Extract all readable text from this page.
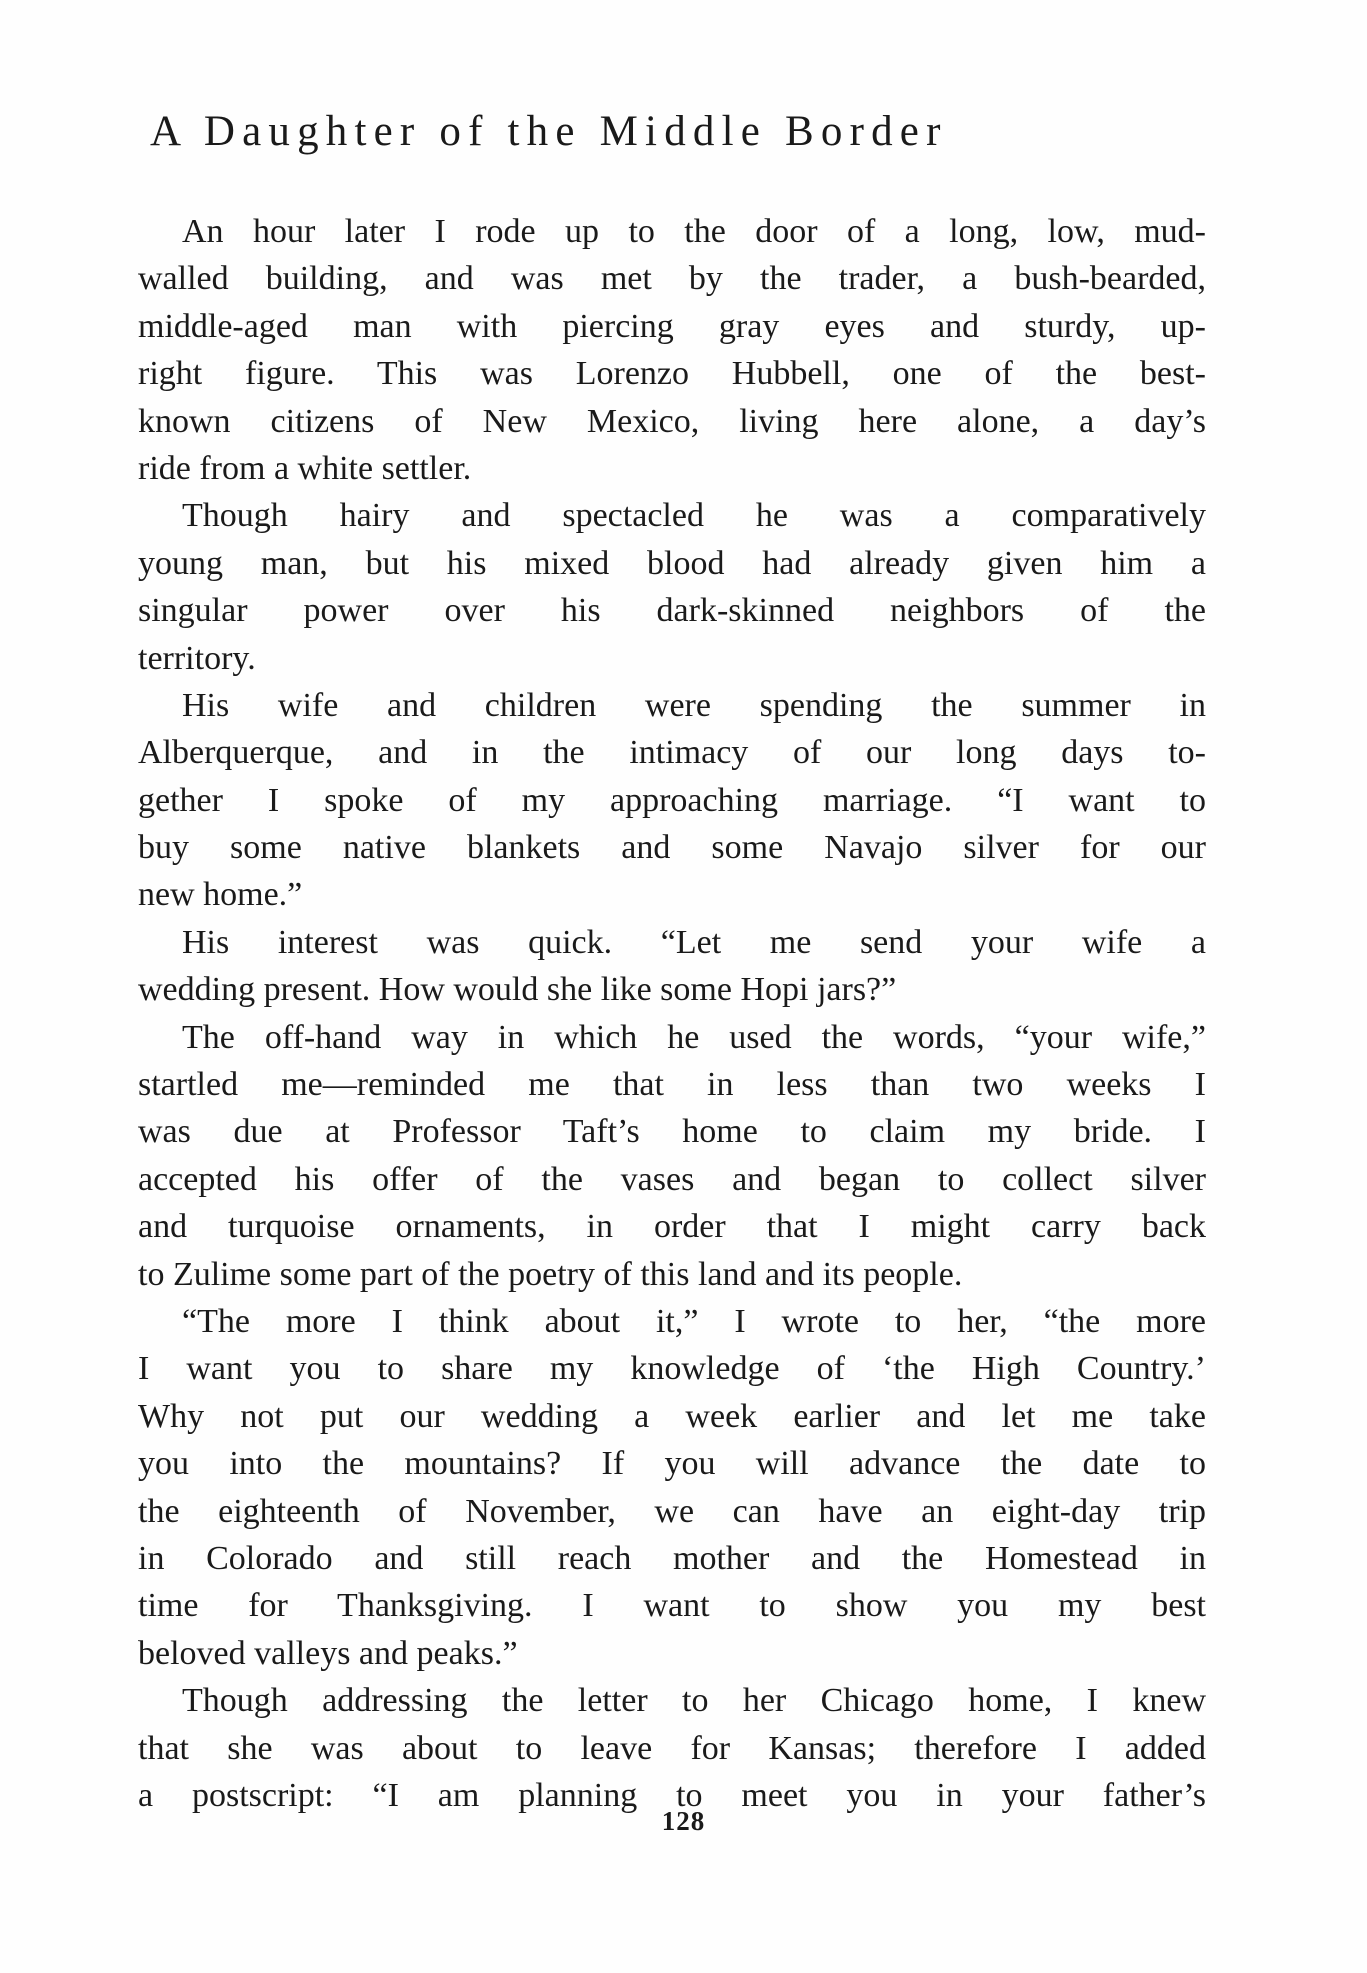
A Daughter of the Middle Border
An hour later I rode up to the door of a long, low, mud-
walled building, and was met by the trader, a bush-bearded,
middle-aged man with piercing gray eyes and sturdy, up-
right figure. This was Lorenzo Hubbell, one of the best-
known citizens of New Mexico, living here alone, a day’s
ride from a white settler.
Though hairy and spectacled he was a comparatively
young man, but his mixed blood had already given him a
singular power over his dark-skinned neighbors of the
territory.
His wife and children were spending the summer in
Alberquerque, and in the intimacy of our long days to-
gether I spoke of my approaching marriage. “I want to
buy some native blankets and some Navajo silver for our
new home.”
His interest was quick. “Let me send your wife a
wedding present. How would she like some Hopi jars?”
The off-hand way in which he used the words, “your wife,”
startled me—reminded me that in less than two weeks I
was due at Professor Taft’s home to claim my bride. I
accepted his offer of the vases and began to collect silver
and turquoise ornaments, in order that I might carry back
to Zulime some part of the poetry of this land and its people.
“The more I think about it,” I wrote to her, “the more
I want you to share my knowledge of ‘the High Country.’
Why not put our wedding a week earlier and let me take
you into the mountains? If you will advance the date to
the eighteenth of November, we can have an eight-day trip
in Colorado and still reach mother and the Homestead in
time for Thanksgiving. I want to show you my best
beloved valleys and peaks.”
Though addressing the letter to her Chicago home, I knew
that she was about to leave for Kansas; therefore I added
a postscript: “I am planning to meet you in your father’s
128
